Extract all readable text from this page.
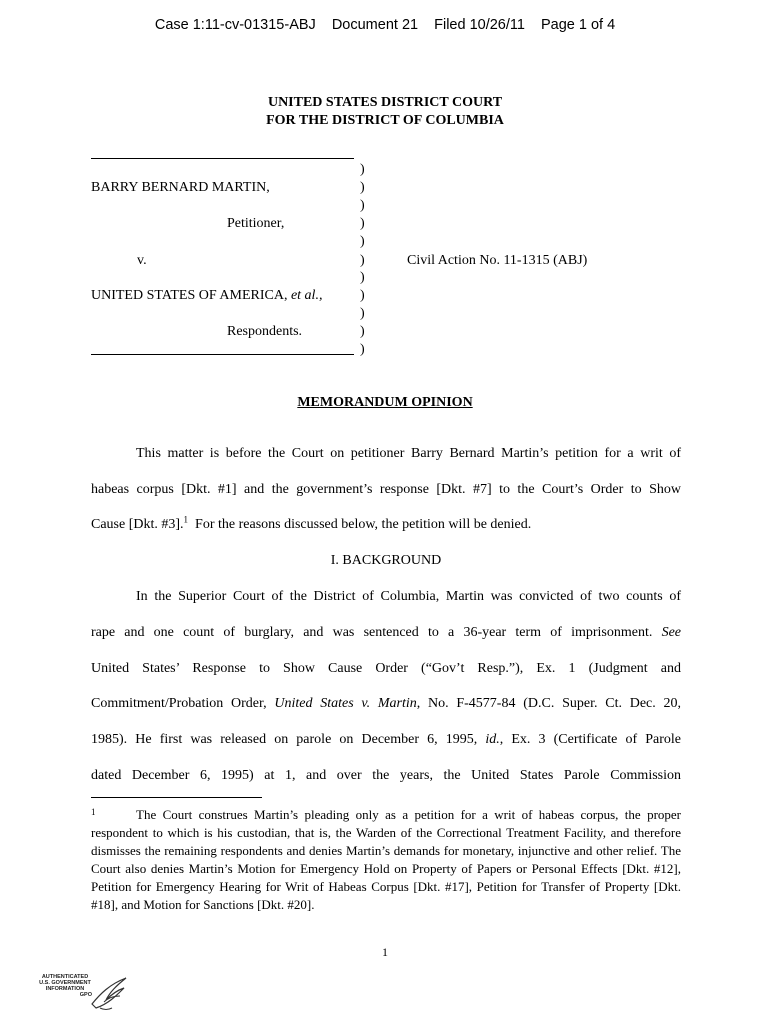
Case 1:11-cv-01315-ABJ Document 21 Filed 10/26/11 Page 1 of 4
UNITED STATES DISTRICT COURT
FOR THE DISTRICT OF COLUMBIA
BARRY BERNARD MARTIN,
Petitioner,
v.
UNITED STATES OF AMERICA, et al.,
Respondents.
Civil Action No. 11-1315 (ABJ)
)
)
)
)
)
)
)
)
)
)
)
MEMORANDUM OPINION
This matter is before the Court on petitioner Barry Bernard Martin’s petition for a writ of
habeas corpus [Dkt. #1] and the government’s response [Dkt. #7] to the Court’s Order to Show
Cause [Dkt. #3].$^1$ For the reasons discussed below, the petition will be denied.
I. BACKGROUND
In the Superior Court of the District of Columbia, Martin was convicted of two counts of
rape and one count of burglary, and was sentenced to a 36-year term of imprisonment. See
United States’ Response to Show Cause Order (“Gov’t Resp.”), Ex. 1 (Judgment and
Commitment/Probation Order, United States v. Martin, No. F-4577-84 (D.C. Super. Ct. Dec. 20,
1985). He first was released on parole on December 6, 1995, id., Ex. 3 (Certificate of Parole
dated December 6, 1995) at 1, and over the years, the United States Parole Commission
1	The Court construes Martin’s pleading only as a petition for a writ of habeas corpus, the proper respondent to which is his custodian, that is, the Warden of the Correctional Treatment Facility, and therefore dismisses the remaining respondents and denies Martin’s demands for monetary, injunctive and other relief. The Court also denies Martin’s Motion for Emergency Hold on Property of Papers or Personal Effects [Dkt. #12], Petition for Emergency Hearing for Writ of Habeas Corpus [Dkt. #17], Petition for Transfer of Property [Dkt. #18], and Motion for Sanctions [Dkt. #20].
1
AUTHENTICATED
U.S. GOVERNMENT
INFORMATION
GPO
